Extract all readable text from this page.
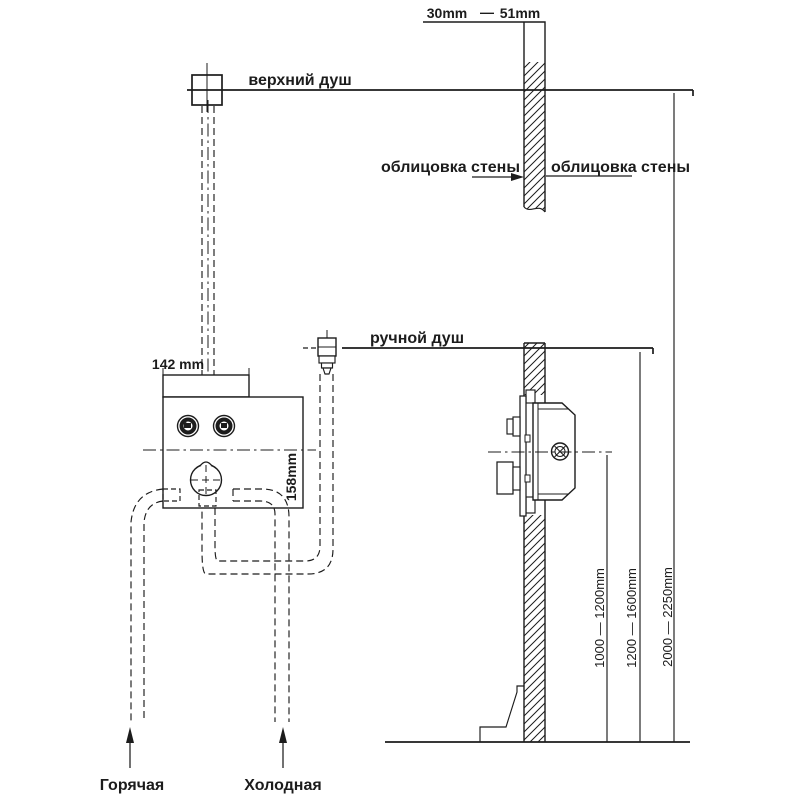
30mm — 51mm
верхний душ
облицовка стены облицовка стены
ручной душ
142 mm
158mm
1000 — 1200mm 1200 — 1600mm 2000 — 2250mm
Горячая	Холодная
